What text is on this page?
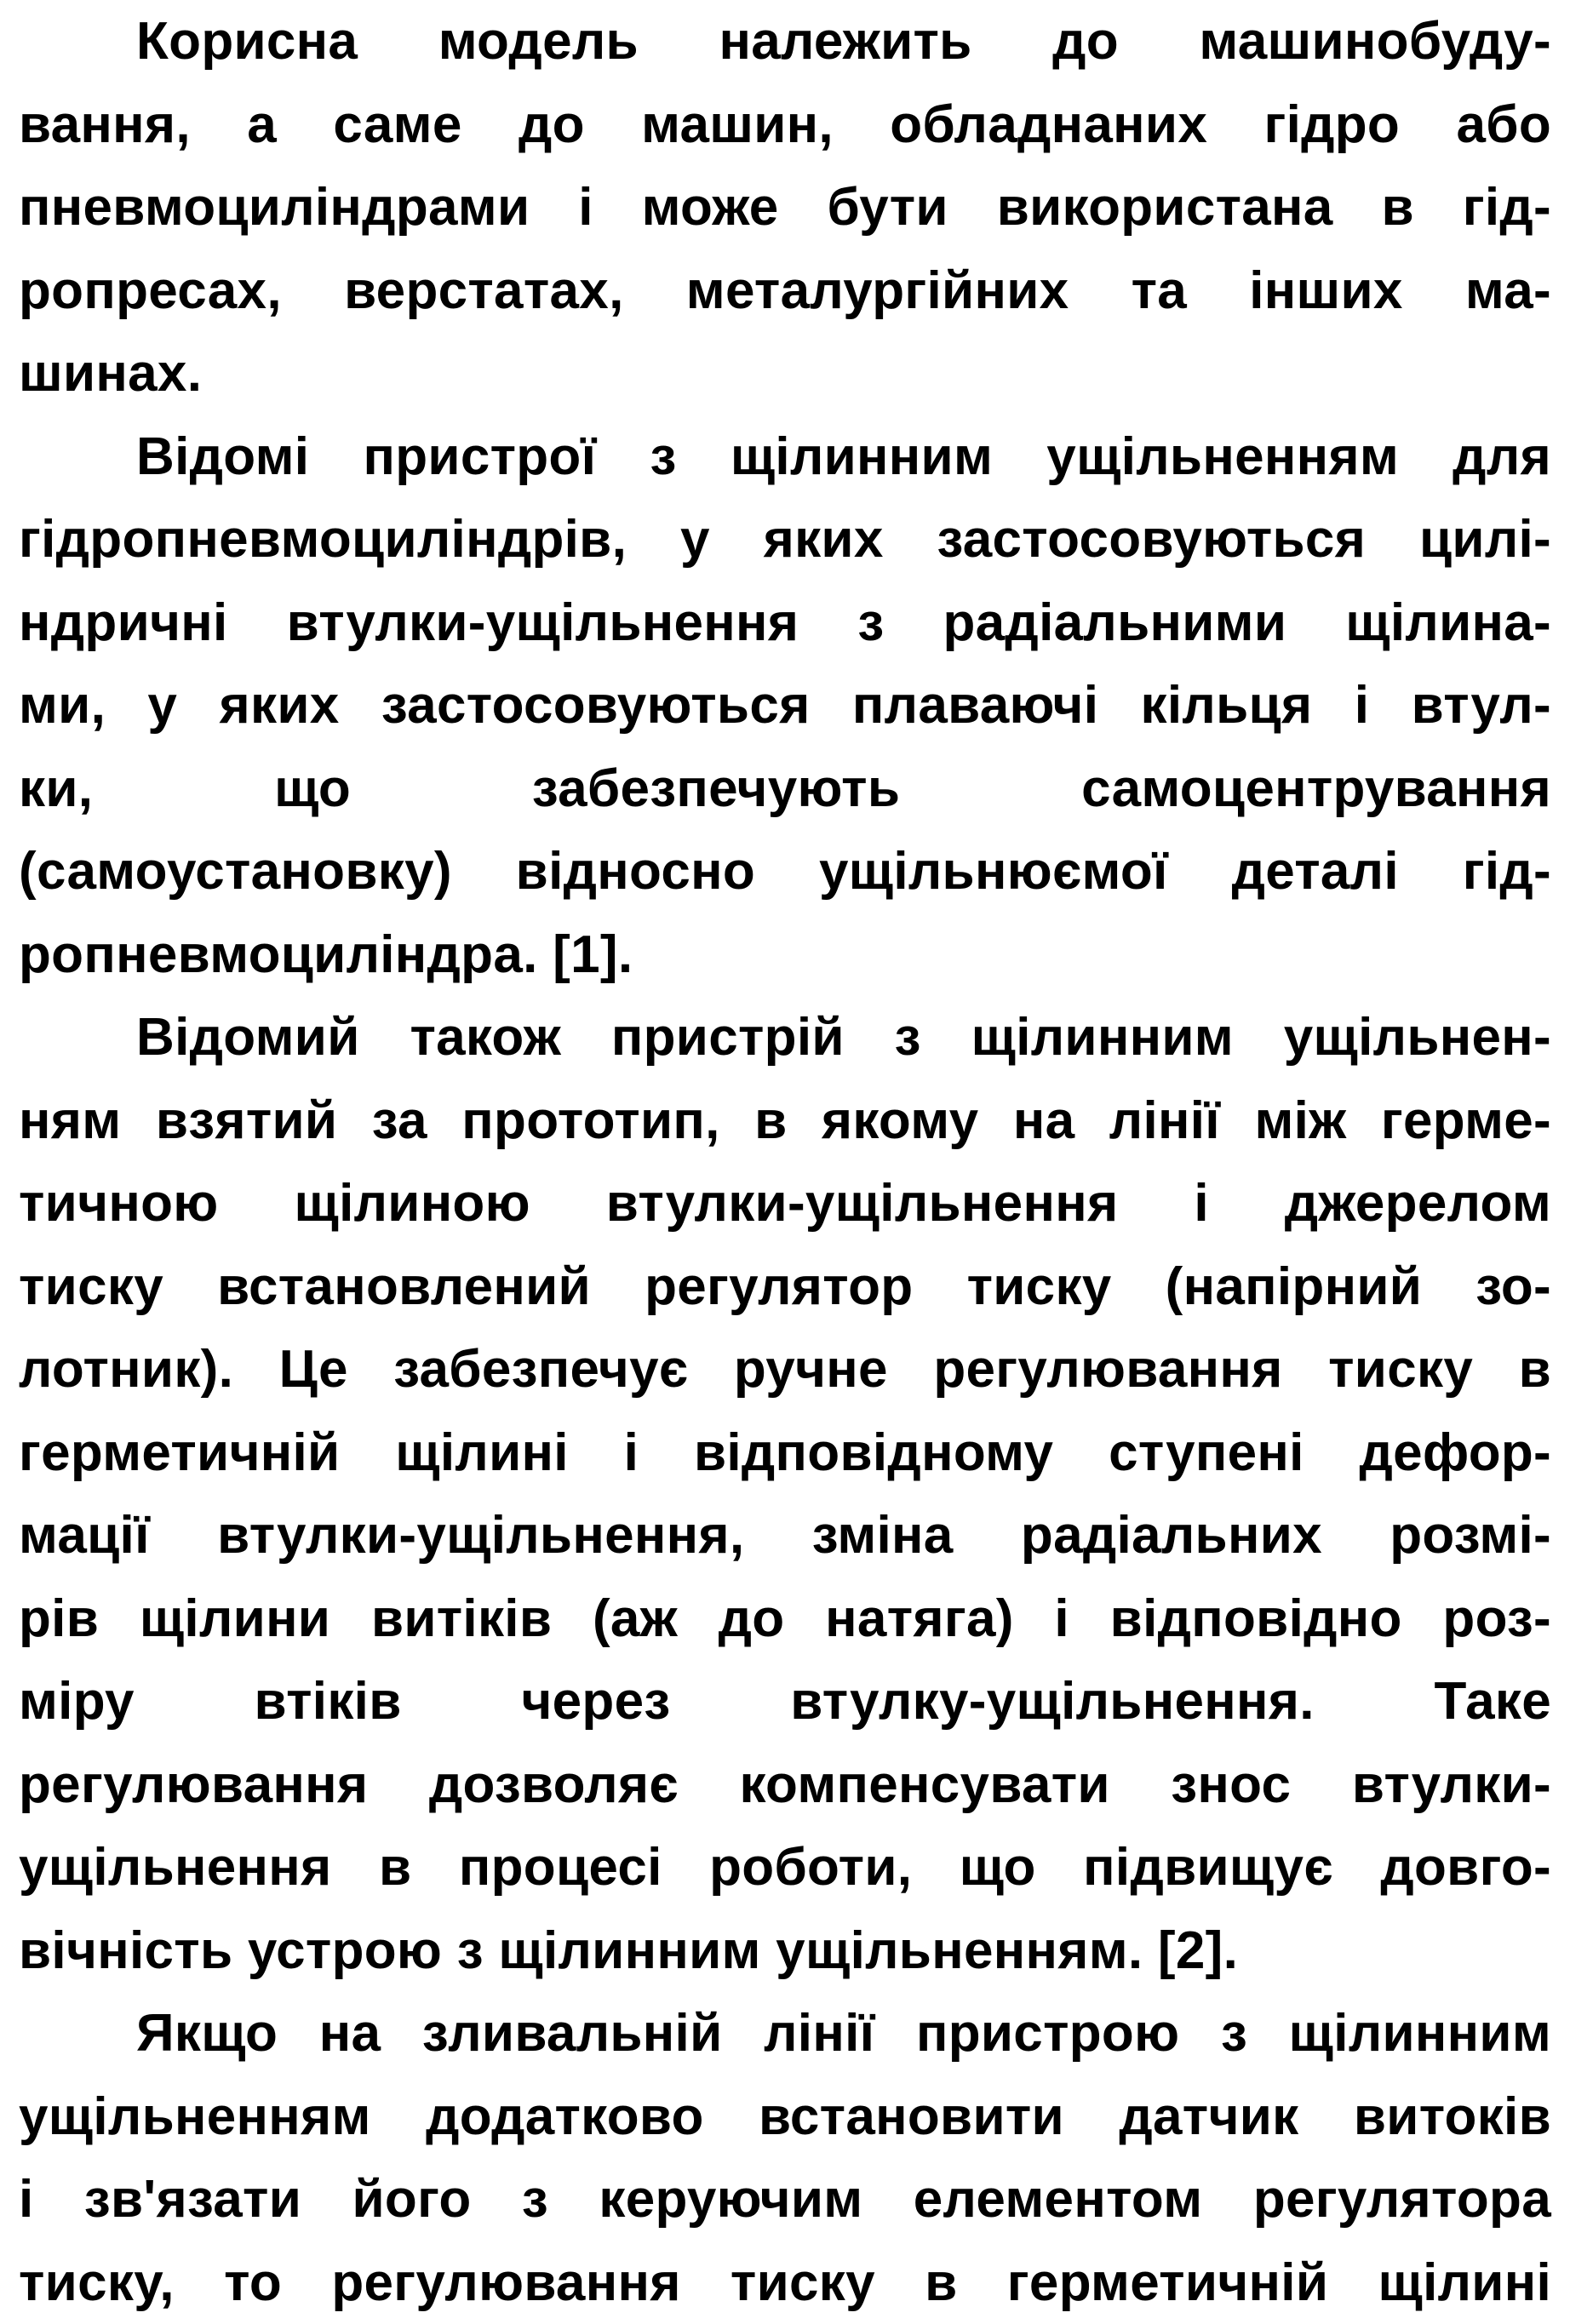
Корисна модель належить до машинобуду-
вання, а саме до машин, обладнаних гідро або
пневмоциліндрами і може бути використана в гід-
ропресах, верстатах, металургійних та інших ма-
шинах.
Відомі пристрої з щілинним ущільненням для
гідропневмоциліндрів, у яких застосовуються цилі-
ндричні втулки-ущільнення з радіальними щілина-
ми, у яких застосовуються плаваючі кільця і втул-
ки, що забезпечують самоцентрування
(самоустановку) відносно ущільнюємої деталі гід-
ропневмоциліндра. [1].
Відомий також пристрій з щілинним ущільнен-
ням взятий за прототип, в якому на лінії між герме-
тичною щілиною втулки-ущільнення і джерелом
тиску встановлений регулятор тиску (напірний зо-
лотник). Це забезпечує ручне регулювання тиску в
герметичній щілині і відповідному ступені дефор-
мації втулки-ущільнення, зміна радіальних розмі-
рів щілини витіків (аж до натяга) і відповідно роз-
міру втіків через втулку-ущільнення. Таке
регулювання дозволяє компенсувати знос втулки-
ущільнення в процесі роботи, що підвищує довго-
вічність устрою з щілинним ущільненням. [2].
Якщо на зливальній лінії пристрою з щілинним
ущільненням додатково встановити датчик витоків
і зв'язати його з керуючим елементом регулятора
тиску, то регулювання тиску в герметичній щілині
